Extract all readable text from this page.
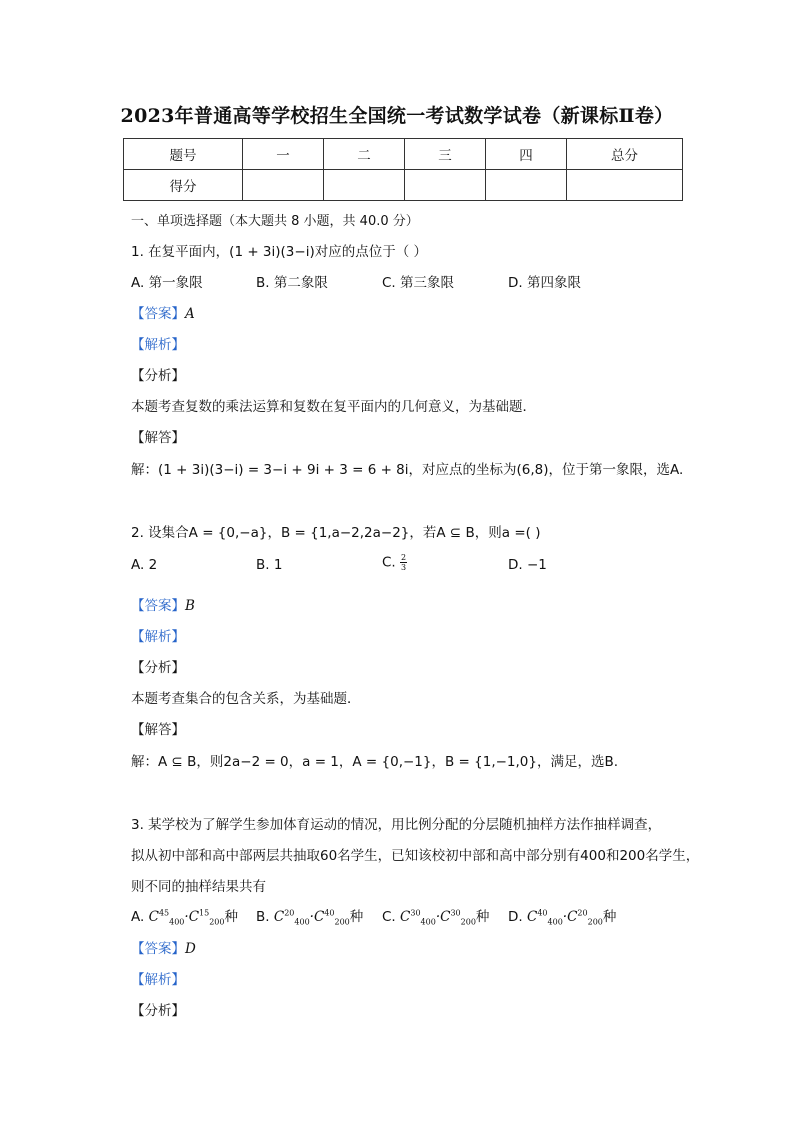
2023年普通高等学校招生全国统一考试数学试卷（新课标Ⅱ卷）
题号	一	二	三	四	总分
得分					
一、单项选择题（本大题共 8 小题，共 40.0 分）
1. 在复平面内，(1 + 3i)(3−i)对应的点位于（ ）
A. 第一象限	B. 第二象限	C. 第三象限	D. 第四象限
【答案】A
【解析】
【分析】
本题考查复数的乘法运算和复数在复平面内的几何意义，为基础题．
【解答】
解：(1 + 3i)(3−i) = 3−i + 9i + 3 = 6 + 8i，对应点的坐标为(6,8)，位于第一象限，选A.
2. 设集合A = {0,−a}，B = {1,a−2,2a−2}，若A ⊆ B，则a =( )
A. 2	B. 1	C. $\frac{2}{3}$	D. −1
【答案】B
【解析】
【分析】
本题考查集合的包含关系，为基础题．
【解答】
解：A ⊆ B，则2a−2 = 0，a = 1，A = {0,−1}，B = {1,−1,0}，满足，选B.
3. 某学校为了解学生参加体育运动的情况，用比例分配的分层随机抽样方法作抽样调查，
拟从初中部和高中部两层共抽取60名学生，已知该校初中部和高中部分别有400和200名学生，
则不同的抽样结果共有
A. $C^{45}_{400}\cdot C^{15}_{200}$种 B. $C^{20}_{400}\cdot C^{40}_{200}$种 C. $C^{30}_{400}\cdot C^{30}_{200}$种 D. $C^{40}_{400}\cdot C^{20}_{200}$种
【答案】D
【解析】
【分析】
